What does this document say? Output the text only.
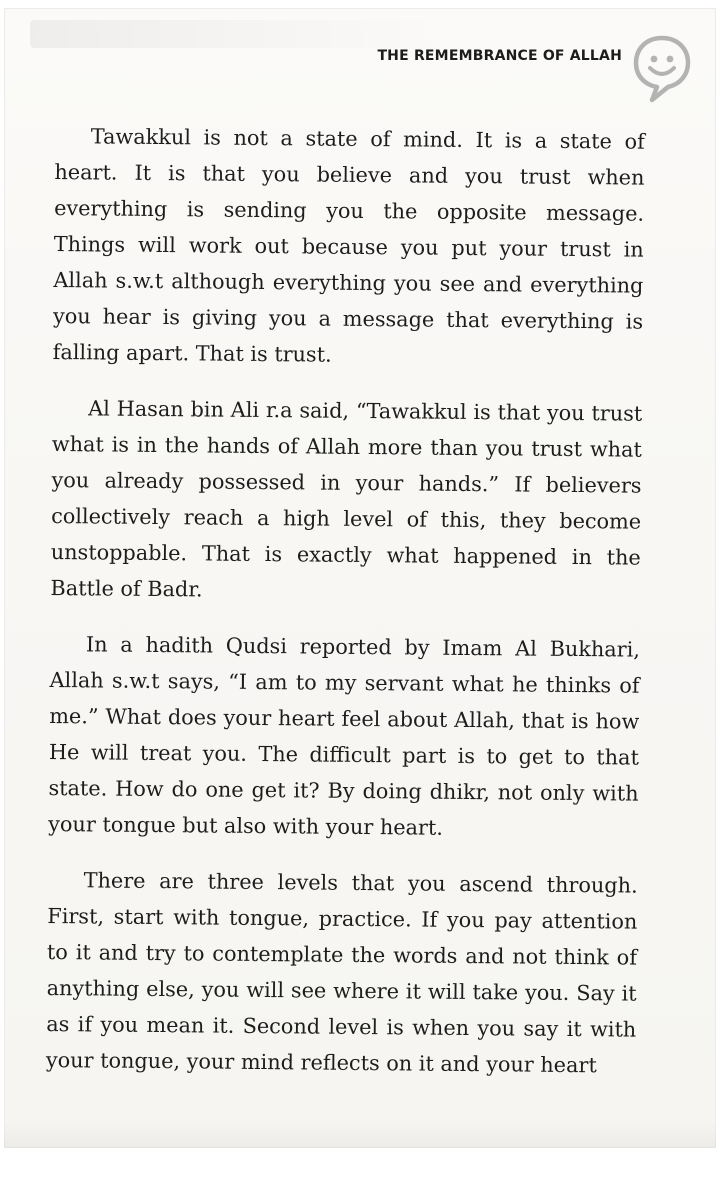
THE REMEMBRANCE OF ALLAH

Tawakkul is not a state of mind. It is a state of heart. It is that you believe and you trust when everything is sending you the opposite message. Things will work out because you put your trust in Allah s.w.t although everything you see and everything you hear is giving you a message that everything is falling apart. That is trust.

Al Hasan bin Ali r.a said, “Tawakkul is that you trust what is in the hands of Allah more than you trust what you already possessed in your hands.” If believers collectively reach a high level of this, they become unstoppable. That is exactly what happened in the Battle of Badr.

In a hadith Qudsi reported by Imam Al Bukhari, Allah s.w.t says, “I am to my servant what he thinks of me.” What does your heart feel about Allah, that is how He will treat you. The difficult part is to get to that state. How do one get it? By doing dhikr, not only with your tongue but also with your heart.

There are three levels that you ascend through. First, start with tongue, practice. If you pay attention to it and try to contemplate the words and not think of anything else, you will see where it will take you. Say it as if you mean it. Second level is when you say it with your tongue, your mind reflects on it and your heart
